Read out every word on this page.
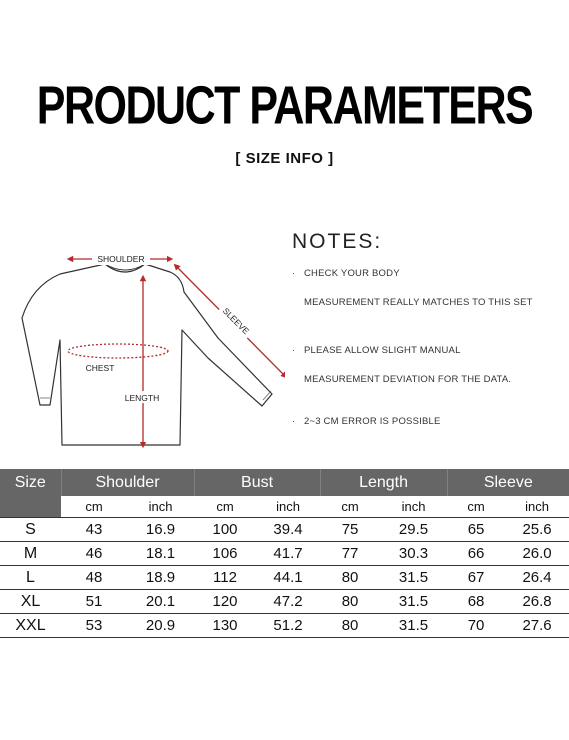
PRODUCT PARAMETERS
[ SIZE INFO ]
SHOULDER
SLEEVE
CHEST
LENGTH
NOTES:
· CHECK YOUR BODY
MEASUREMENT REALLY MATCHES TO THIS SET
· PLEASE ALLOW SLIGHT MANUAL
MEASUREMENT DEVIATION FOR THE DATA.
· 2~3 CM ERROR IS POSSIBLE
Size	Shoulder		Bust		Length		Sleeve	
	cm	inch	cm	inch	cm	inch	cm	inch
S	43	16.9	100	39.4	75	29.5	65	25.6
M	46	18.1	106	41.7	77	30.3	66	26.0
L	48	18.9	112	44.1	80	31.5	67	26.4
XL	51	20.1	120	47.2	80	31.5	68	26.8
XXL	53	20.9	130	51.2	80	31.5	70	27.6
